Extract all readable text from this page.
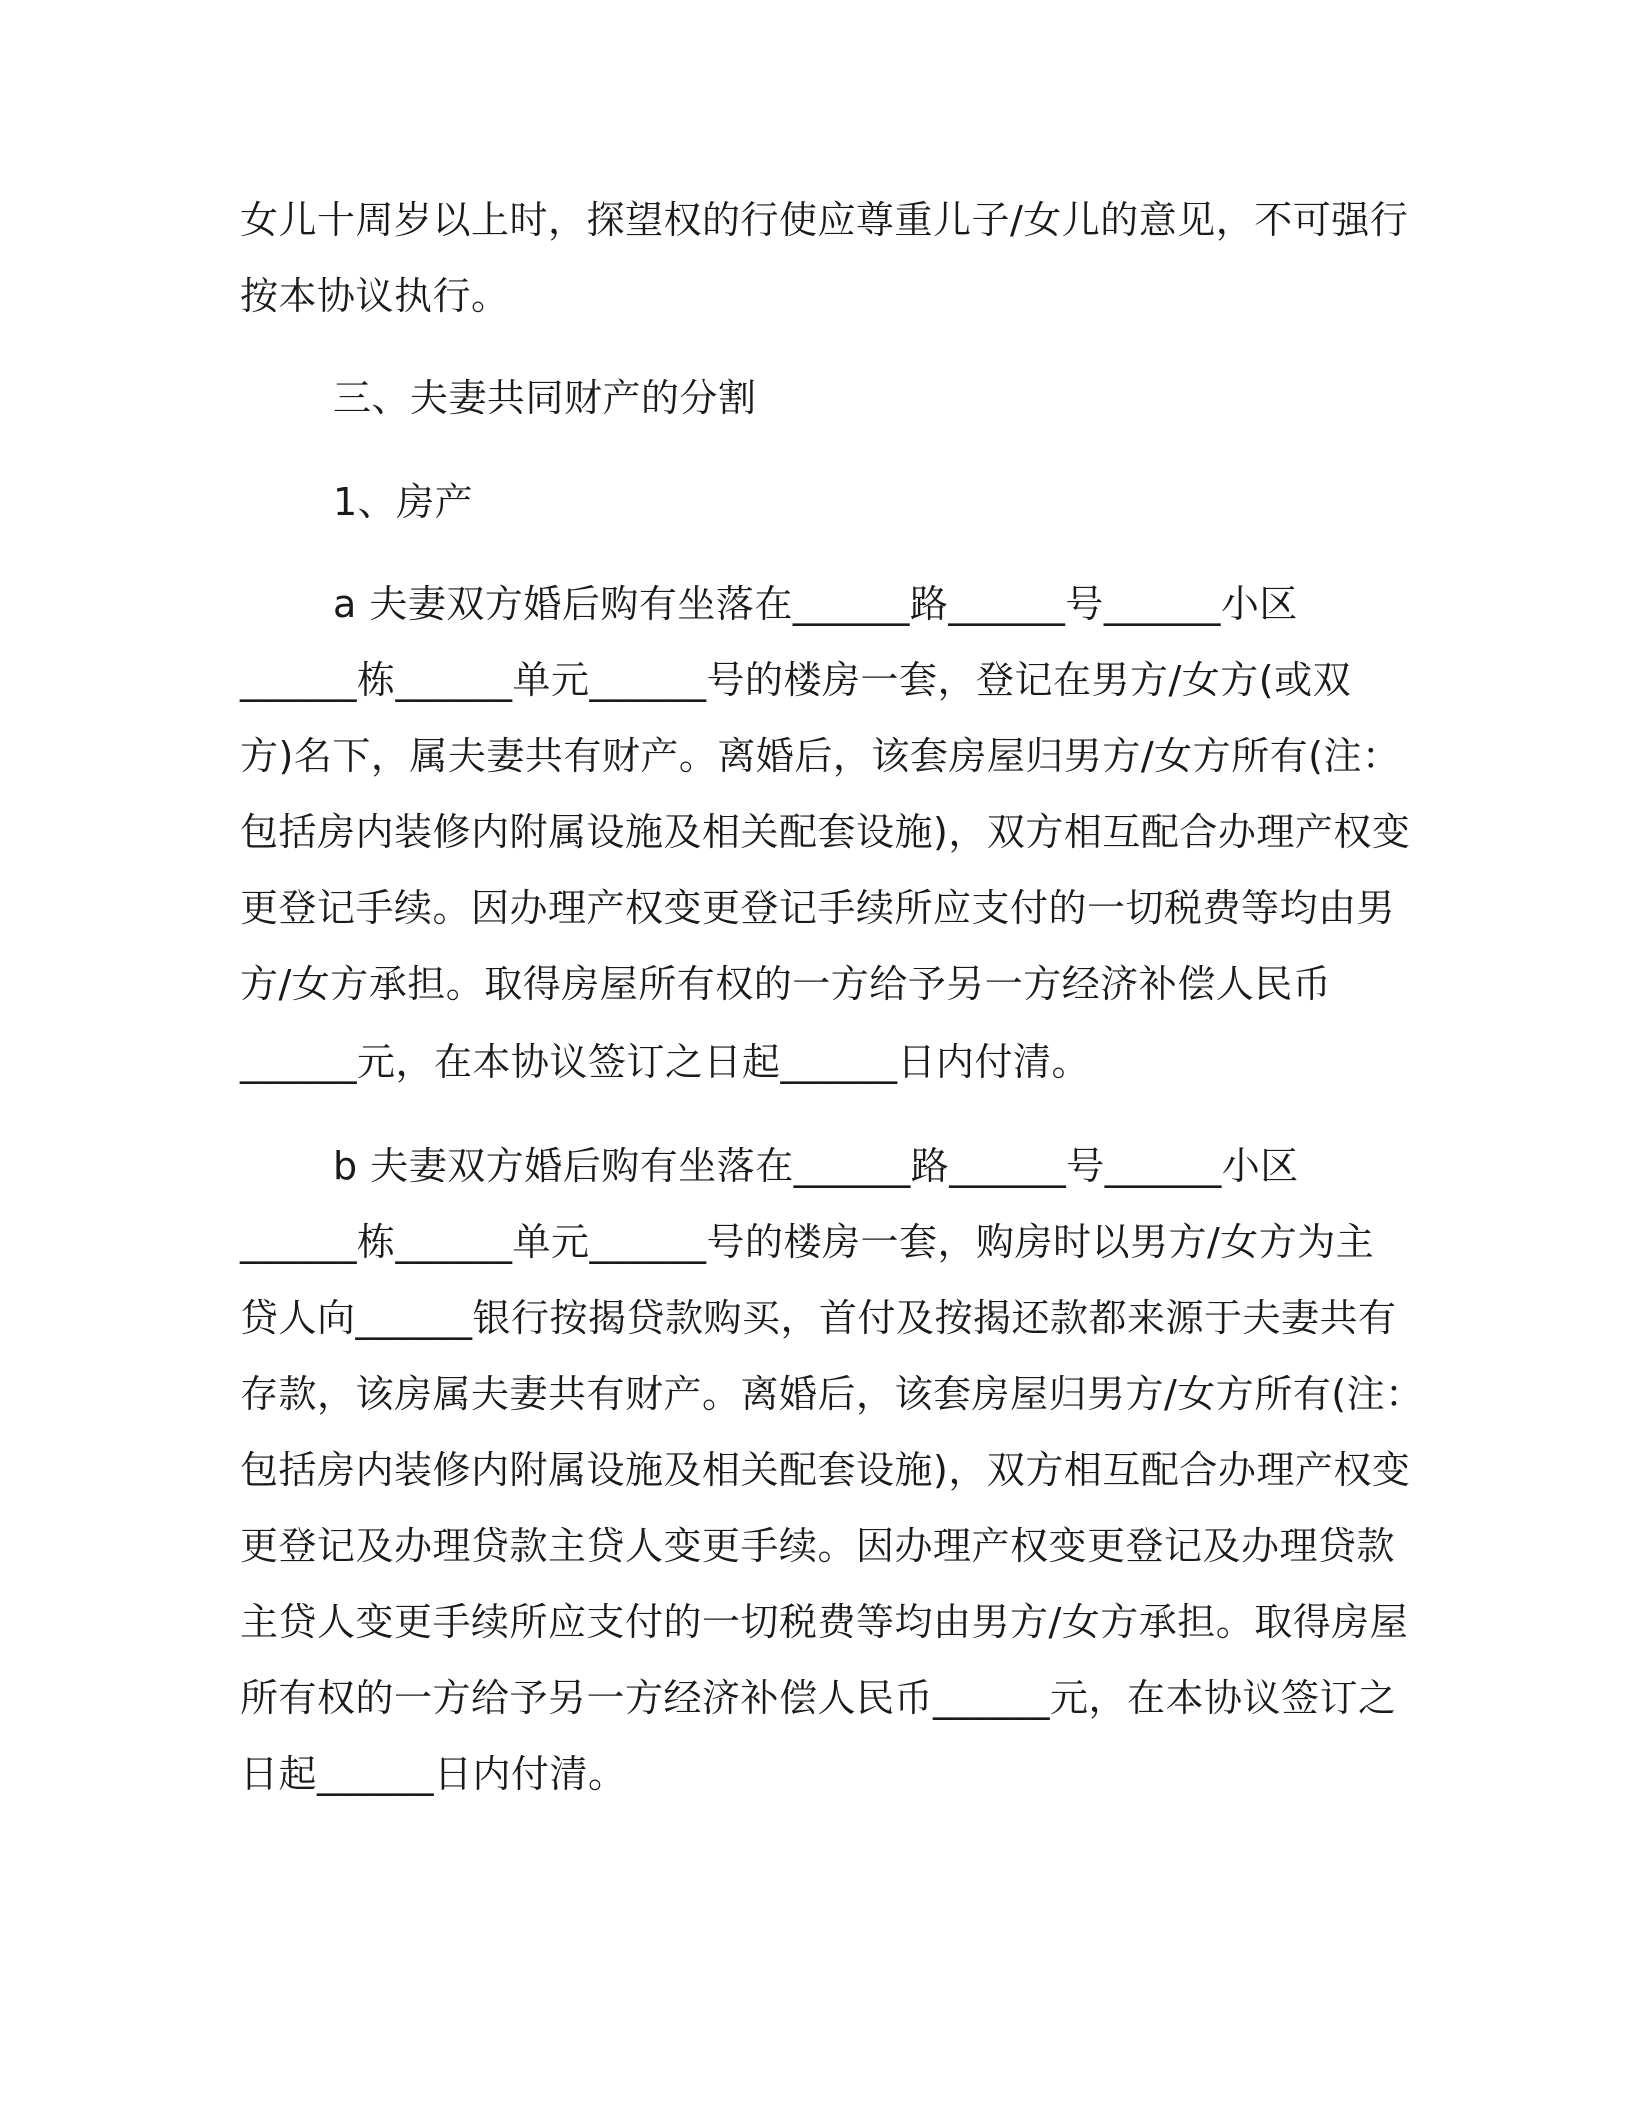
女儿十周岁以上时，探望权的行使应尊重儿子/女儿的意见，不可强行
按本协议执行。
三、夫妻共同财产的分割
1、房产
a 夫妻双方婚后购有坐落在______路______号______小区
______栋______单元______号的楼房一套，登记在男方/女方(或双
方)名下，属夫妻共有财产。离婚后，该套房屋归男方/女方所有(注：
包括房内装修内附属设施及相关配套设施)，双方相互配合办理产权变
更登记手续。因办理产权变更登记手续所应支付的一切税费等均由男
方/女方承担。取得房屋所有权的一方给予另一方经济补偿人民币
______元，在本协议签订之日起______日内付清。
b 夫妻双方婚后购有坐落在______路______号______小区
______栋______单元______号的楼房一套，购房时以男方/女方为主
贷人向______银行按揭贷款购买，首付及按揭还款都来源于夫妻共有
存款，该房属夫妻共有财产。离婚后，该套房屋归男方/女方所有(注：
包括房内装修内附属设施及相关配套设施)，双方相互配合办理产权变
更登记及办理贷款主贷人变更手续。因办理产权变更登记及办理贷款
主贷人变更手续所应支付的一切税费等均由男方/女方承担。取得房屋
所有权的一方给予另一方经济补偿人民币______元，在本协议签订之
日起______日内付清。
